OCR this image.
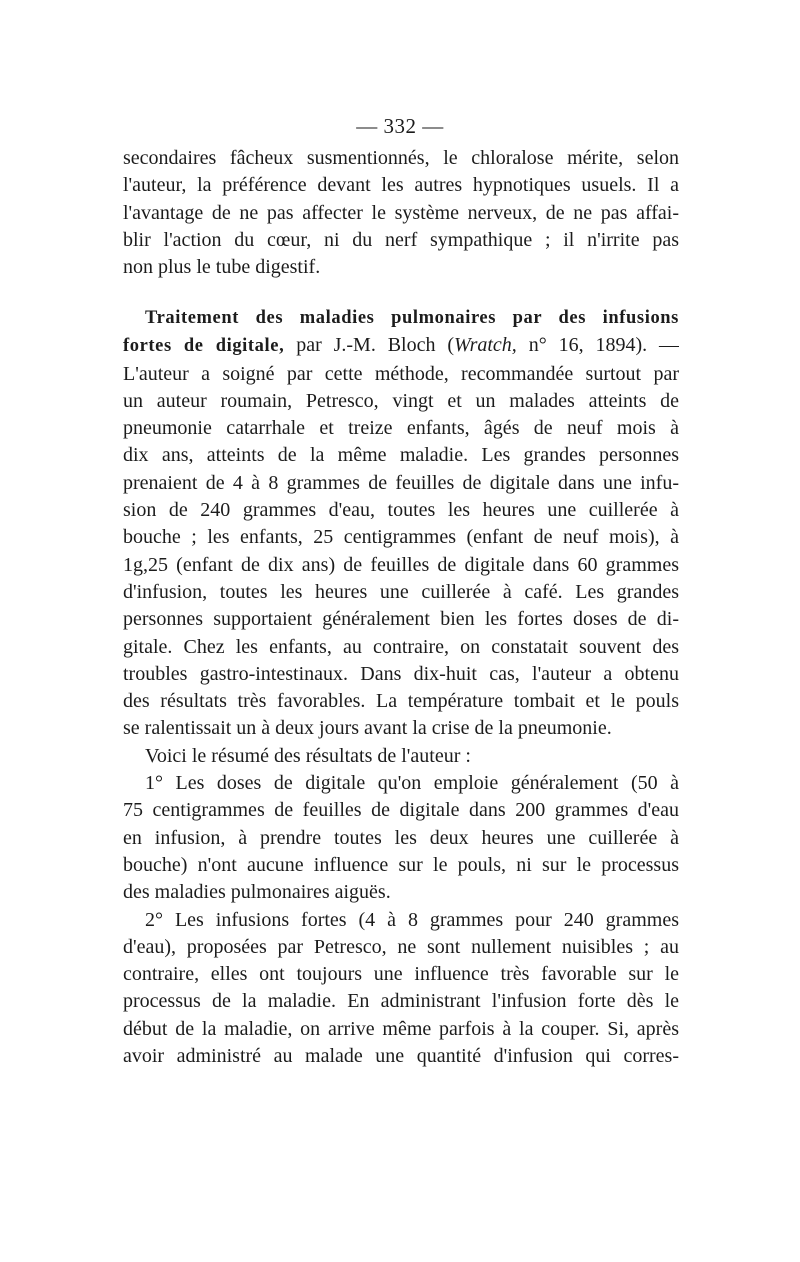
— 332 —
secondaires fâcheux susmentionnés, le chloralose mérite, selon
l'auteur, la préférence devant les autres hypnotiques usuels. Il a
l'avantage de ne pas affecter le système nerveux, de ne pas affai-
blir l'action du cœur, ni du nerf sympathique ; il n'irrite pas
non plus le tube digestif.
Traitement des maladies pulmonaires par des infusions
fortes de digitale, par J.-M. Bloch (Wratch, n° 16, 1894). —
L'auteur a soigné par cette méthode, recommandée surtout par
un auteur roumain, Petresco, vingt et un malades atteints de
pneumonie catarrhale et treize enfants, âgés de neuf mois à
dix ans, atteints de la même maladie. Les grandes personnes
prenaient de 4 à 8 grammes de feuilles de digitale dans une infu-
sion de 240 grammes d'eau, toutes les heures une cuillerée à
bouche ; les enfants, 25 centigrammes (enfant de neuf mois), à
1g,25 (enfant de dix ans) de feuilles de digitale dans 60 grammes
d'infusion, toutes les heures une cuillerée à café. Les grandes
personnes supportaient généralement bien les fortes doses de di-
gitale. Chez les enfants, au contraire, on constatait souvent des
troubles gastro-intestinaux. Dans dix-huit cas, l'auteur a obtenu
des résultats très favorables. La température tombait et le pouls
se ralentissait un à deux jours avant la crise de la pneumonie.
Voici le résumé des résultats de l'auteur :
1° Les doses de digitale qu'on emploie généralement (50 à
75 centigrammes de feuilles de digitale dans 200 grammes d'eau
en infusion, à prendre toutes les deux heures une cuillerée à
bouche) n'ont aucune influence sur le pouls, ni sur le processus
des maladies pulmonaires aiguës.
2° Les infusions fortes (4 à 8 grammes pour 240 grammes
d'eau), proposées par Petresco, ne sont nullement nuisibles ; au
contraire, elles ont toujours une influence très favorable sur le
processus de la maladie. En administrant l'infusion forte dès le
début de la maladie, on arrive même parfois à la couper. Si, après
avoir administré au malade une quantité d'infusion qui corres-
